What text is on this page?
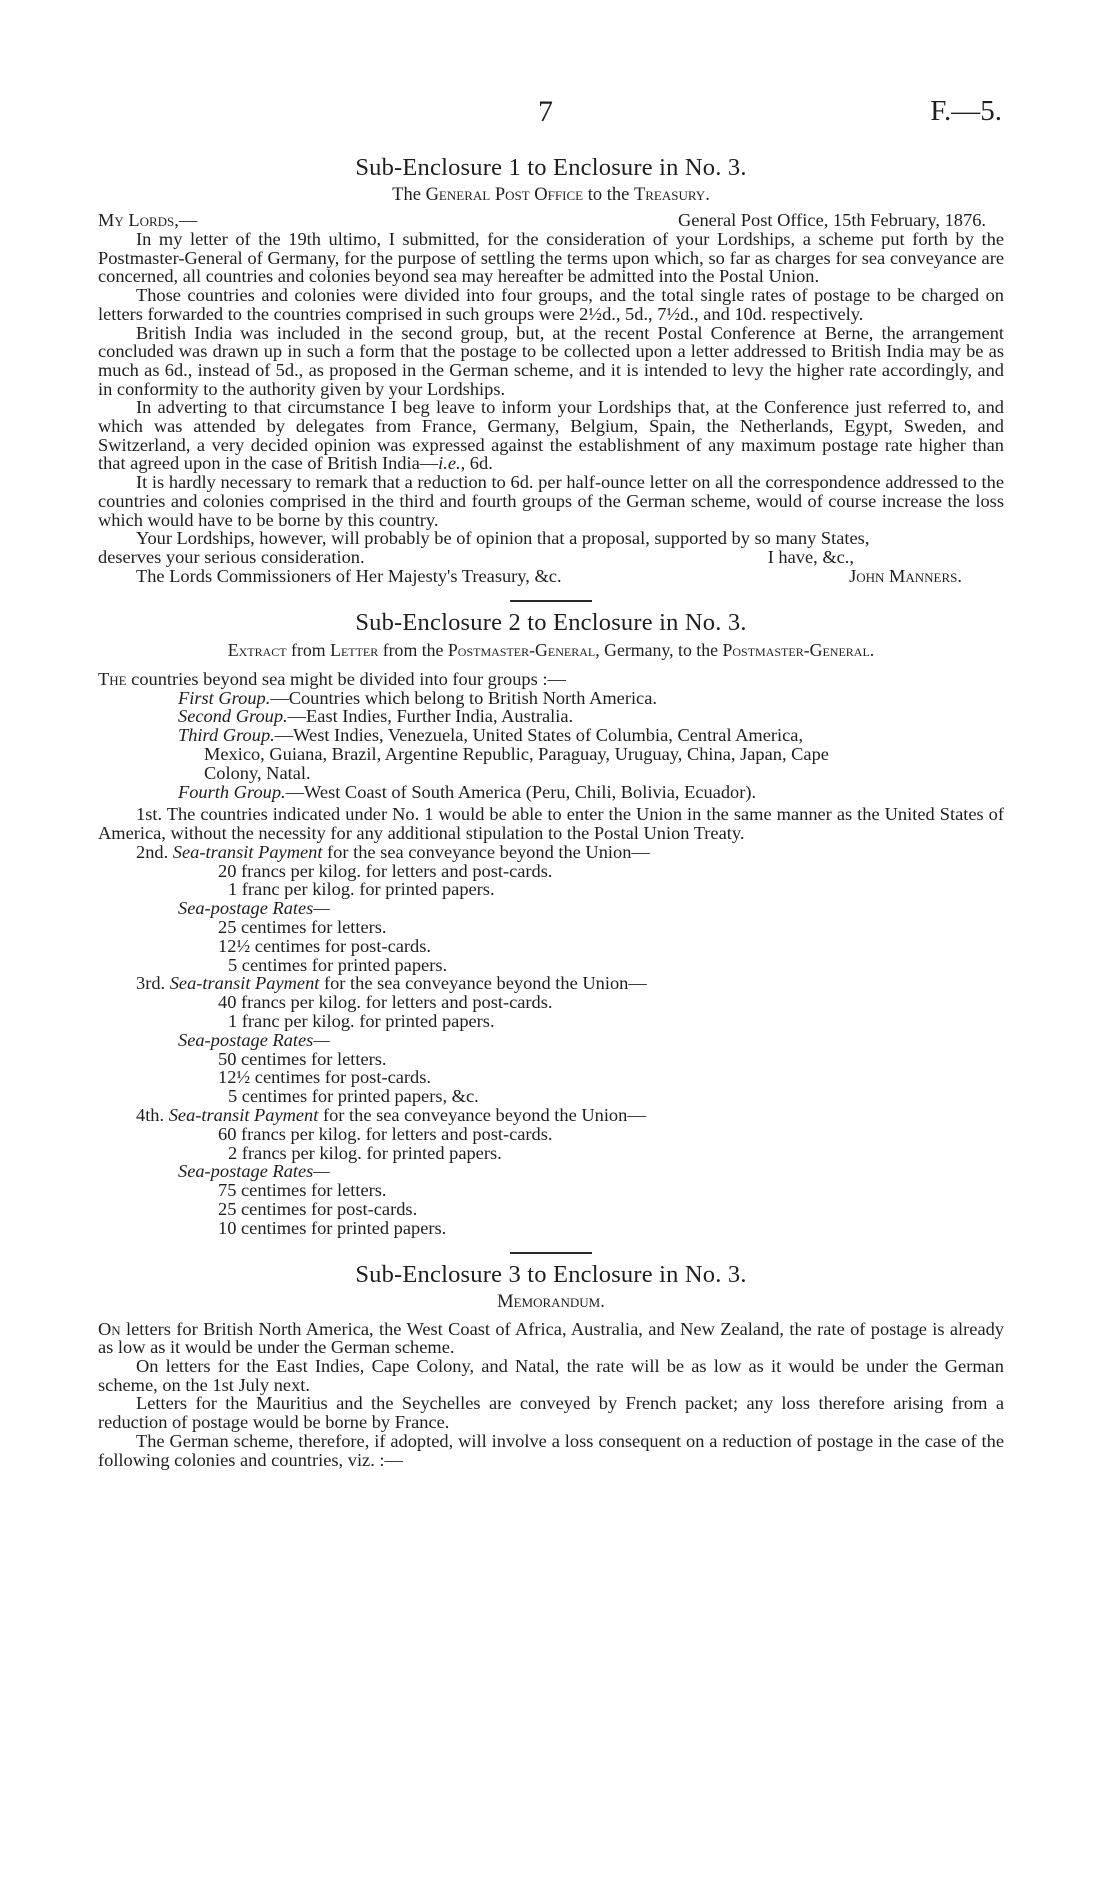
7	F.—5.
Sub-Enclosure 1 to Enclosure in No. 3.
The General Post Office to the Treasury.
My Lords,—	General Post Office, 15th February, 1876.

In my letter of the 19th ultimo, I submitted, for the consideration of your Lordships, a scheme put forth by the Postmaster-General of Germany, for the purpose of settling the terms upon which, so far as charges for sea conveyance are concerned, all countries and colonies beyond sea may hereafter be admitted into the Postal Union.

Those countries and colonies were divided into four groups, and the total single rates of postage to be charged on letters forwarded to the countries comprised in such groups were 2½d., 5d., 7½d., and 10d. respectively.

British India was included in the second group, but, at the recent Postal Conference at Berne, the arrangement concluded was drawn up in such a form that the postage to be collected upon a letter addressed to British India may be as much as 6d., instead of 5d., as proposed in the German scheme, and it is intended to levy the higher rate accordingly, and in conformity to the authority given by your Lordships.

In adverting to that circumstance I beg leave to inform your Lordships that, at the Conference just referred to, and which was attended by delegates from France, Germany, Belgium, Spain, the Netherlands, Egypt, Sweden, and Switzerland, a very decided opinion was expressed against the establishment of any maximum postage rate higher than that agreed upon in the case of British India—i.e., 6d.

It is hardly necessary to remark that a reduction to 6d. per half-ounce letter on all the correspondence addressed to the countries and colonies comprised in the third and fourth groups of the German scheme, would of course increase the loss which would have to be borne by this country.

Your Lordships, however, will probably be of opinion that a proposal, supported by so many States,

deserves your serious consideration.	I have, &c.,
The Lords Commissioners of Her Majesty's Treasury, &c.	John Manners.
Sub-Enclosure 2 to Enclosure in No. 3.
Extract from Letter from the Postmaster-General, Germany, to the Postmaster-General.

The countries beyond sea might be divided into four groups :—

First Group.—Countries which belong to British North America.
Second Group.—East Indies, Further India, Australia.
Third Group.—West Indies, Venezuela, United States of Columbia, Central America,
Mexico, Guiana, Brazil, Argentine Republic, Paraguay, Uruguay, China, Japan, Cape
Colony, Natal.
Fourth Group.—West Coast of South America (Peru, Chili, Bolivia, Ecuador).

1st. The countries indicated under No. 1 would be able to enter the Union in the same manner as the United States of America, without the necessity for any additional stipulation to the Postal Union Treaty.

2nd. Sea-transit Payment for the sea conveyance beyond the Union—
20 francs per kilog. for letters and post-cards.
1 franc per kilog. for printed papers.
Sea-postage Rates—
25 centimes for letters.
12½ centimes for post-cards.
5 centimes for printed papers.
3rd. Sea-transit Payment for the sea conveyance beyond the Union—
40 francs per kilog. for letters and post-cards.
1 franc per kilog. for printed papers.
Sea-postage Rates—
50 centimes for letters.
12½ centimes for post-cards.
5 centimes for printed papers, &c.
4th. Sea-transit Payment for the sea conveyance beyond the Union—
60 francs per kilog. for letters and post-cards.
2 francs per kilog. for printed papers.
Sea-postage Rates—
75 centimes for letters.
25 centimes for post-cards.
10 centimes for printed papers.
Sub-Enclosure 3 to Enclosure in No. 3.
Memorandum.

On letters for British North America, the West Coast of Africa, Australia, and New Zealand, the rate of postage is already as low as it would be under the German scheme.

On letters for the East Indies, Cape Colony, and Natal, the rate will be as low as it would be under the German scheme, on the 1st July next.

Letters for the Mauritius and the Seychelles are conveyed by French packet; any loss therefore arising from a reduction of postage would be borne by France.

The German scheme, therefore, if adopted, will involve a loss consequent on a reduction of postage in the case of the following colonies and countries, viz. :—
